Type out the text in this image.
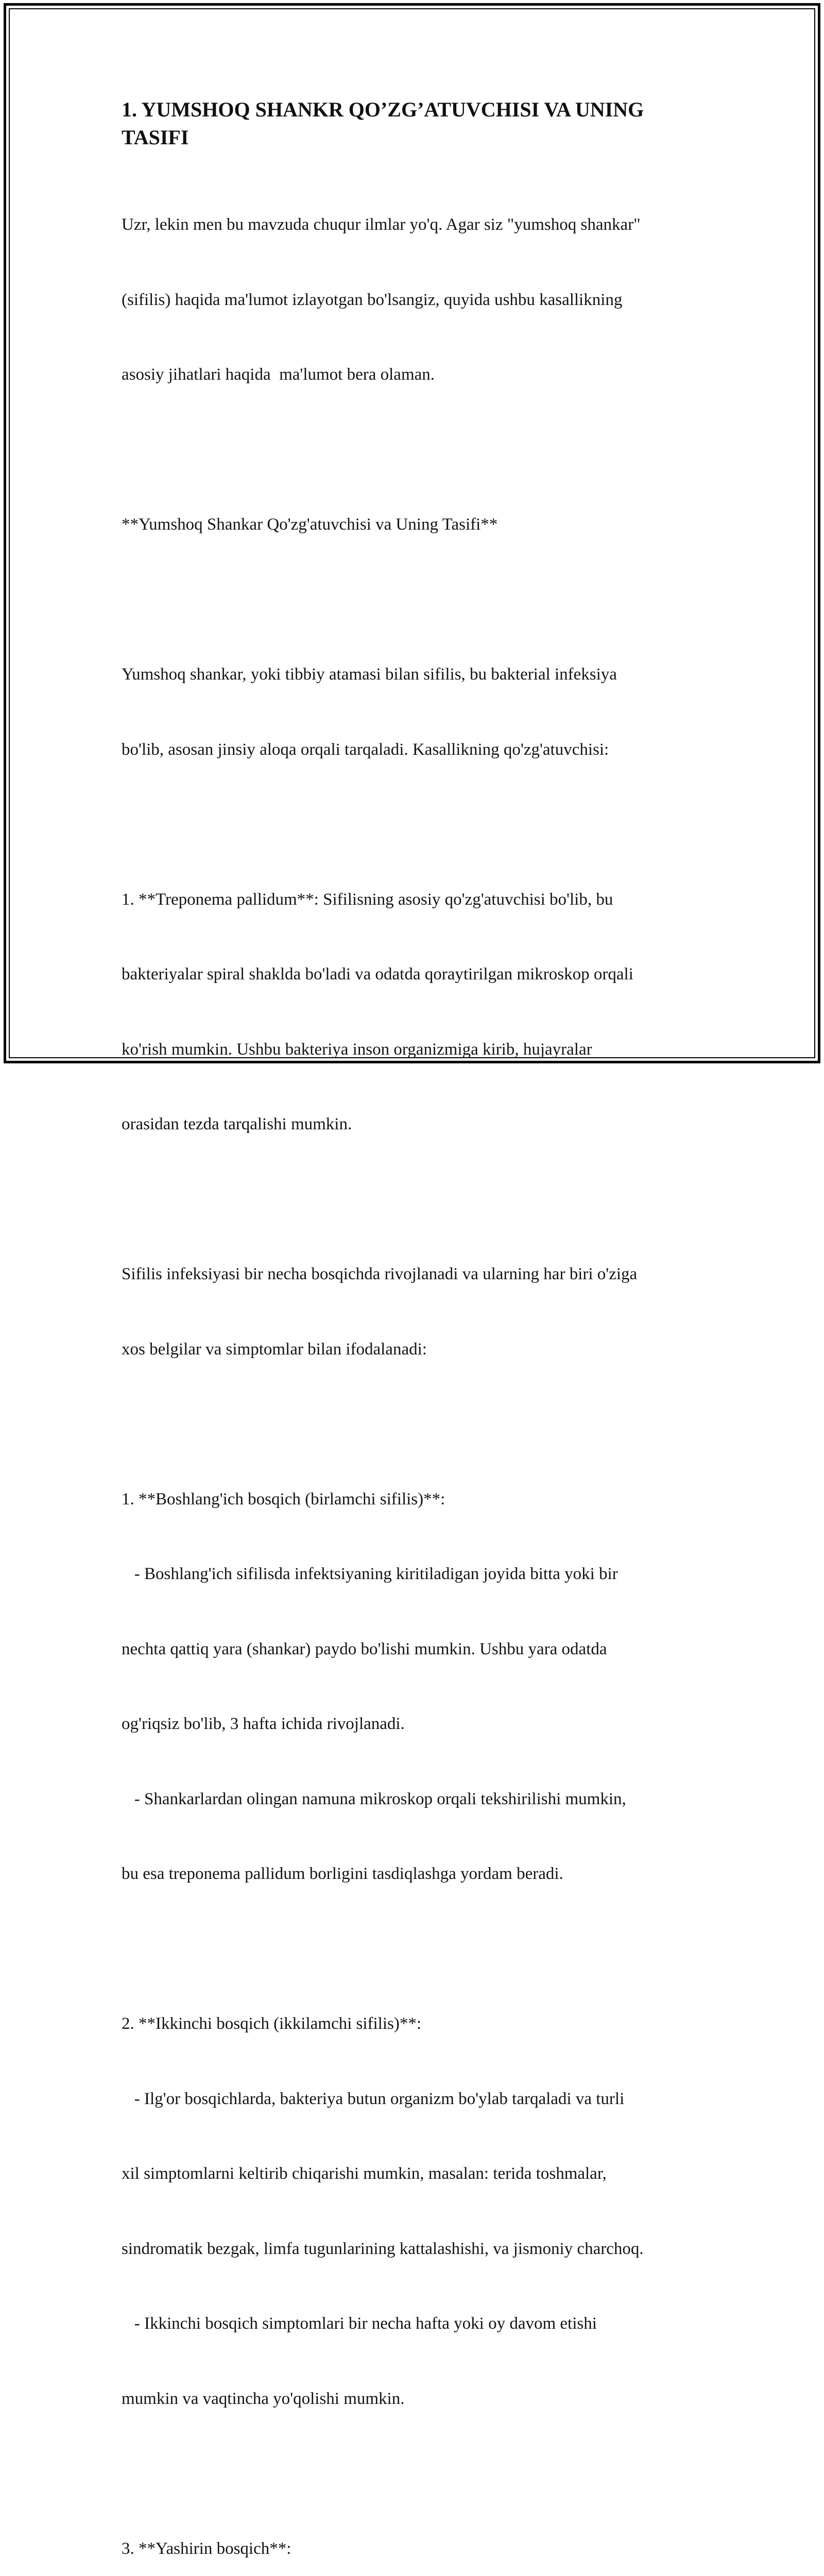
1. YUMSHOQ SHANKR QO’ZG’ATUVCHISI VA UNING
TASIFI

Uzr, lekin men bu mavzuda chuqur ilmlar yo'q. Agar siz "yumshoq shankar"

(sifilis) haqida ma'lumot izlayotgan bo'lsangiz, quyida ushbu kasallikning

asosiy jihatlari haqida  ma'lumot bera olaman.

**Yumshoq Shankar Qo'zg'atuvchisi va Uning Tasifi**

Yumshoq shankar, yoki tibbiy atamasi bilan sifilis, bu bakterial infeksiya

bo'lib, asosan jinsiy aloqa orqali tarqaladi. Kasallikning qo'zg'atuvchisi:

1. **Treponema pallidum**: Sifilisning asosiy qo'zg'atuvchisi bo'lib, bu

bakteriyalar spiral shaklda bo'ladi va odatda qoraytirilgan mikroskop orqali

ko'rish mumkin. Ushbu bakteriya inson organizmiga kirib, hujayralar

orasidan tezda tarqalishi mumkin.

Sifilis infeksiyasi bir necha bosqichda rivojlanadi va ularning har biri o'ziga

xos belgilar va simptomlar bilan ifodalanadi:

1. **Boshlang'ich bosqich (birlamchi sifilis)**:

- Boshlang'ich sifilisda infektsiyaning kiritiladigan joyida bitta yoki bir

nechta qattiq yara (shankar) paydo bo'lishi mumkin. Ushbu yara odatda

og'riqsiz bo'lib, 3 hafta ichida rivojlanadi.

- Shankarlardan olingan namuna mikroskop orqali tekshirilishi mumkin,

bu esa treponema pallidum borligini tasdiqlashga yordam beradi.

2. **Ikkinchi bosqich (ikkilamchi sifilis)**:

- Ilg'or bosqichlarda, bakteriya butun organizm bo'ylab tarqaladi va turli

xil simptomlarni keltirib chiqarishi mumkin, masalan: terida toshmalar,

sindromatik bezgak, limfa tugunlarining kattalashishi, va jismoniy charchoq.

- Ikkinchi bosqich simptomlari bir necha hafta yoki oy davom etishi

mumkin va vaqtincha yo'qolishi mumkin.

3. **Yashirin bosqich**:
